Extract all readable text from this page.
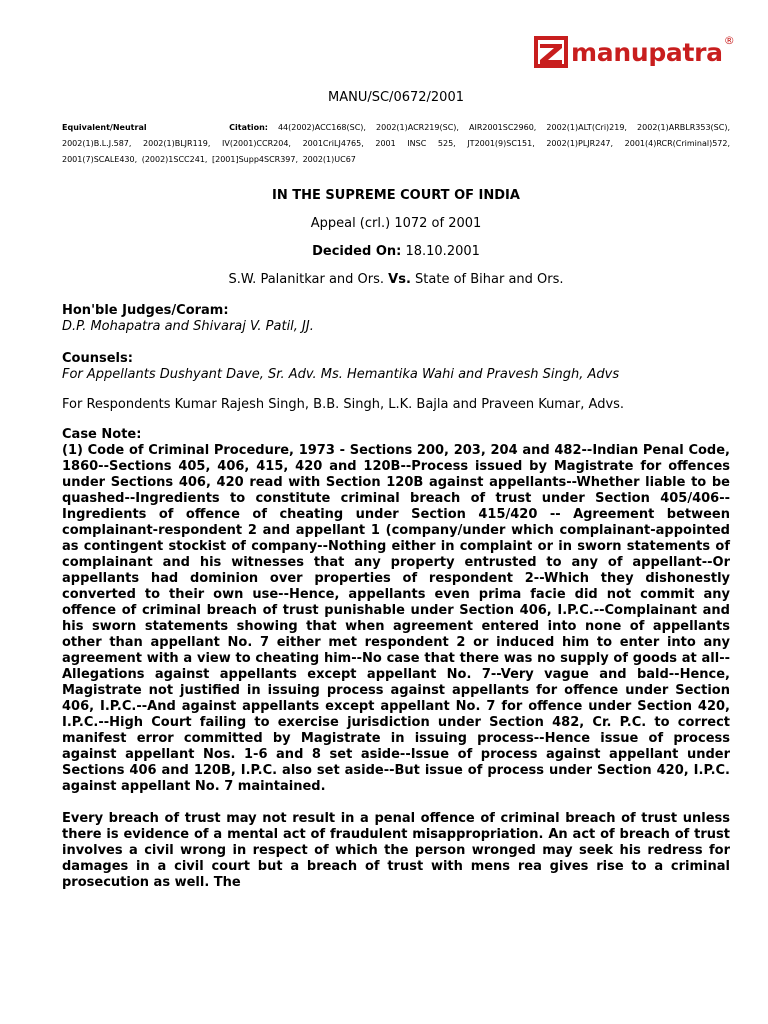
manupatra ®

MANU/SC/0672/2001

Equivalent/Neutral	Citation: 44(2002)ACC168(SC), 2002(1)ACR219(SC), AIR2001SC2960, 2002(1)ALT(Cri)219, 2002(1)ARBLR353(SC), 2002(1)B.L.J.587, 2002(1)BLJR119, IV(2001)CCR204, 2001CriLJ4765, 2001 INSC 525, JT2001(9)SC151, 2002(1)PLJR247, 2001(4)RCR(Criminal)572, 2001(7)SCALE430, (2002)1SCC241, [2001]Supp4SCR397, 2002(1)UC67

IN THE SUPREME COURT OF INDIA

Appeal (crl.) 1072 of 2001

Decided On: 18.10.2001

S.W. Palanitkar and Ors. Vs. State of Bihar and Ors.

Hon'ble Judges/Coram:

D.P. Mohapatra and Shivaraj V. Patil, JJ.

Counsels:

For Appellants Dushyant Dave, Sr. Adv. Ms. Hemantika Wahi and Pravesh Singh, Advs

For Respondents Kumar Rajesh Singh, B.B. Singh, L.K. Bajla and Praveen Kumar, Advs.

Case Note:

(1) Code of Criminal Procedure, 1973 - Sections 200, 203, 204 and 482--Indian Penal Code, 1860--Sections 405, 406, 415, 420 and 120B--Process issued by Magistrate for offences under Sections 406, 420 read with Section 120B against appellants--Whether liable to be quashed--Ingredients to constitute criminal breach of trust under Section 405/406--Ingredients of offence of cheating under Section 415/420 -- Agreement between complainant-respondent 2 and appellant 1 (company/under which complainant-appointed as contingent stockist of company--Nothing either in complaint or in sworn statements of complainant and his witnesses that any property entrusted to any of appellant--Or appellants had dominion over properties of respondent 2--Which they dishonestly converted to their own use--Hence, appellants even prima facie did not commit any offence of criminal breach of trust punishable under Section 406, I.P.C.--Complainant and his sworn statements showing that when agreement entered into none of appellants other than appellant No. 7 either met respondent 2 or induced him to enter into any agreement with a view to cheating him--No case that there was no supply of goods at all--Allegations against appellants except appellant No. 7--Very vague and bald--Hence, Magistrate not justified in issuing process against appellants for offence under Section 406, I.P.C.--And against appellants except appellant No. 7 for offence under Section 420, I.P.C.--High Court failing to exercise jurisdiction under Section 482, Cr. P.C. to correct manifest error committed by Magistrate in issuing process--Hence issue of process against appellant Nos. 1-6 and 8 set aside--Issue of process against appellant under Sections 406 and 120B, I.P.C. also set aside--But issue of process under Section 420, I.P.C. against appellant No. 7 maintained.

Every breach of trust may not result in a penal offence of criminal breach of trust unless there is evidence of a mental act of fraudulent misappropriation. An act of breach of trust involves a civil wrong in respect of which the person wronged may seek his redress for damages in a civil court but a breach of trust with mens rea gives rise to a criminal prosecution as well. The
